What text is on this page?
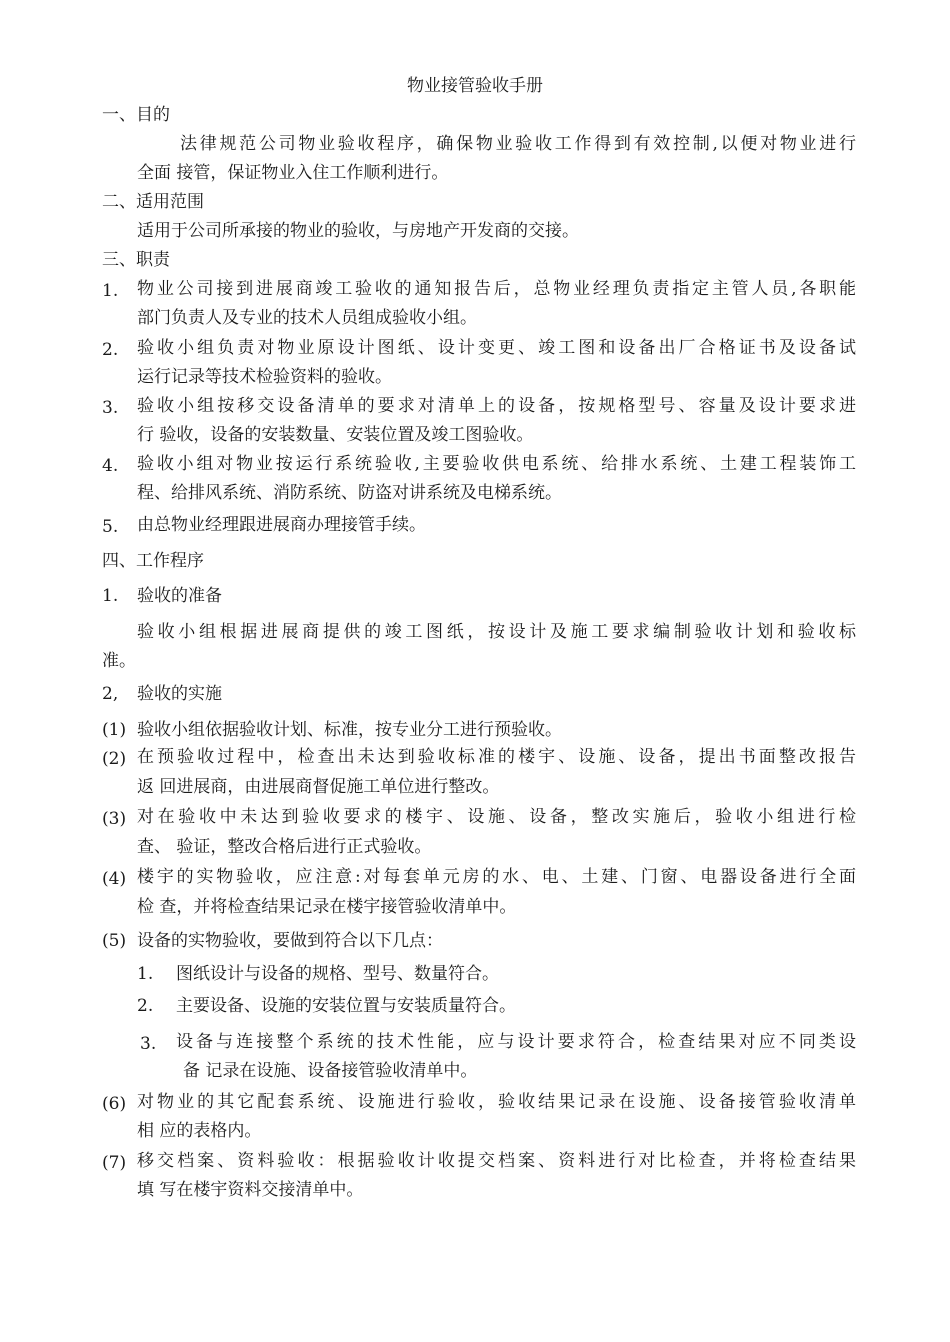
物业接管验收手册
一、目的
法律规范公司物业验收程序，确保物业验收工作得到有效控制,以便对物业进行
全面 接管，保证物业入住工作顺利进行。
二、适用范围
适用于公司所承接的物业的验收，与房地产开发商的交接。
三、职责
1. 物业公司接到进展商竣工验收的通知报告后，总物业经理负责指定主管人员,各职能
部门负责人及专业的技术人员组成验收小组。
2. 验收小组负责对物业原设计图纸、设计变更、竣工图和设备出厂合格证书及设备试
运行记录等技术检验资料的验收。
3. 验收小组按移交设备清单的要求对清单上的设备，按规格型号、容量及设计要求进
行 验收，设备的安装数量、安装位置及竣工图验收。
4. 验收小组对物业按运行系统验收,主要验收供电系统、给排水系统、土建工程装饰工
程、给排风系统、消防系统、防盗对讲系统及电梯系统。
5. 由总物业经理跟进展商办理接管手续。
四、工作程序
1. 验收的准备
验收小组根据进展商提供的竣工图纸，按设计及施工要求编制验收计划和验收标
准。
2, 验收的实施
(1) 验收小组依据验收计划、标准，按专业分工进行预验收。
(2) 在预验收过程中，检查出未达到验收标准的楼宇、设施、设备，提出书面整改报告
返 回进展商，由进展商督促施工单位进行整改。
(3) 对在验收中未达到验收要求的楼宇、设施、设备，整改实施后，验收小组进行检
查、 验证，整改合格后进行正式验收。
(4) 楼宇的实物验收，应注意:对每套单元房的水、电、土建、门窗、电器设备进行全面
检 查，并将检查结果记录在楼宇接管验收清单中。
(5) 设备的实物验收，要做到符合以下几点：
1. 图纸设计与设备的规格、型号、数量符合。
2. 主要设备、设施的安装位置与安装质量符合。
3. 设备与连接整个系统的技术性能，应与设计要求符合，检查结果对应不同类设
备 记录在设施、设备接管验收清单中。
(6) 对物业的其它配套系统、设施进行验收，验收结果记录在设施、设备接管验收清单
相 应的表格内。
(7) 移交档案、资料验收：根据验收计收提交档案、资料进行对比检查，并将检查结果
填 写在楼宇资料交接清单中。
